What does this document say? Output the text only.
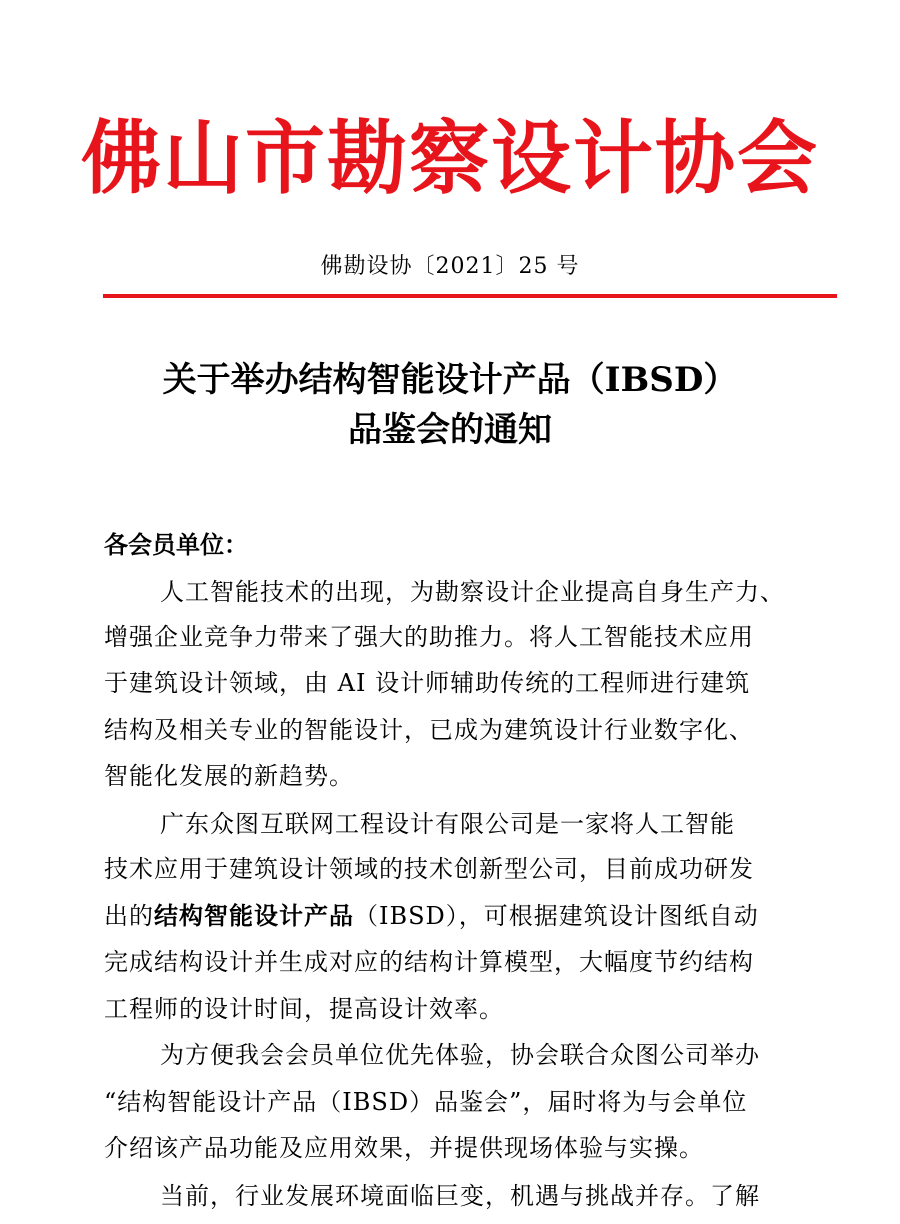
佛山市勘察设计协会
佛勘设协〔2021〕25 号
关于举办结构智能设计产品（IBSD）
品鉴会的通知
各会员单位：
人工智能技术的出现，为勘察设计企业提高自身生产力、
增强企业竞争力带来了强大的助推力。将人工智能技术应用
于建筑设计领域，由 AI 设计师辅助传统的工程师进行建筑
结构及相关专业的智能设计，已成为建筑设计行业数字化、
智能化发展的新趋势。
广东众图互联网工程设计有限公司是一家将人工智能
技术应用于建筑设计领域的技术创新型公司，目前成功研发
出的结构智能设计产品（IBSD），可根据建筑设计图纸自动
完成结构设计并生成对应的结构计算模型，大幅度节约结构
工程师的设计时间，提高设计效率。
为方便我会会员单位优先体验，协会联合众图公司举办
“结构智能设计产品（IBSD）品鉴会”，届时将为与会单位
介绍该产品功能及应用效果，并提供现场体验与实操。
当前，行业发展环境面临巨变，机遇与挑战并存。了解
